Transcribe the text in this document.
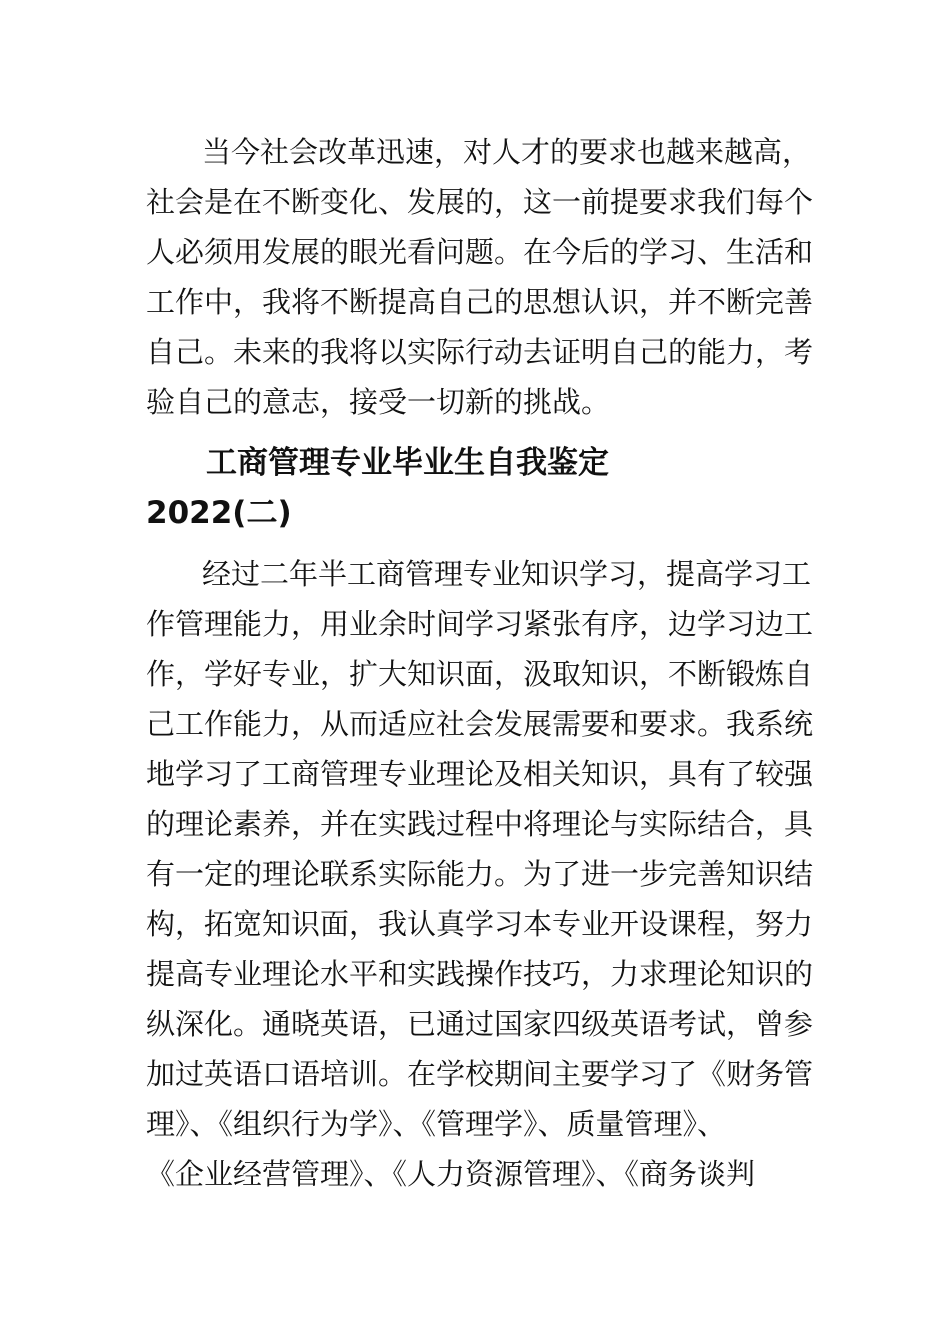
当今社会改革迅速，对人才的要求也越来越高，
社会是在不断变化、发展的，这一前提要求我们每个
人必须用发展的眼光看问题。在今后的学习、生活和
工作中，我将不断提高自己的思想认识，并不断完善
自己。未来的我将以实际行动去证明自己的能力，考
验自己的意志，接受一切新的挑战。
工商管理专业毕业生自我鉴定
2022(二)
经过二年半工商管理专业知识学习，提高学习工
作管理能力，用业余时间学习紧张有序，边学习边工
作，学好专业，扩大知识面，汲取知识，不断锻炼自
己工作能力，从而适应社会发展需要和要求。我系统
地学习了工商管理专业理论及相关知识，具有了较强
的理论素养，并在实践过程中将理论与实际结合，具
有一定的理论联系实际能力。为了进一步完善知识结
构，拓宽知识面，我认真学习本专业开设课程，努力
提高专业理论水平和实践操作技巧，力求理论知识的
纵深化。通晓英语，已通过国家四级英语考试，曾参
加过英语口语培训。在学校期间主要学习了《财务管
理》、《组织行为学》、《管理学》、质量管理》、
《企业经营管理》、《人力资源管理》、《商务谈判
